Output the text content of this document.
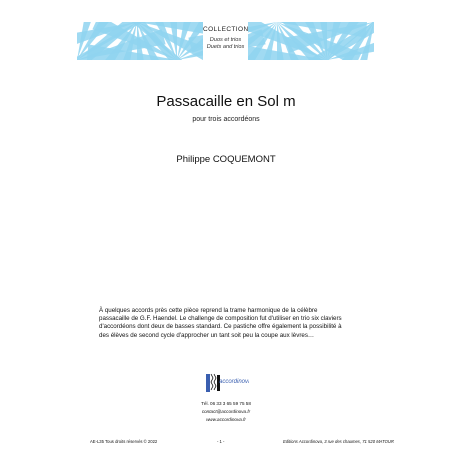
COLLECTION
Duos et trios
Duets and trios
Passacaille en Sol m
pour trois accordéons
Philippe COQUEMONT
À quelques accords près cette pièce reprend la trame harmonique de la célèbre
passacaille de G.F. Haendel. Le challenge de composition fut d'utiliser en trio six claviers
d'accordéons dont deux de basses standard. Ce pastiche offre également la possibilité à
des élèves de second cycle d'approcher un tant soit peu la coupe aux lèvres…
accordinova
Tél. 06 33 3 65 59 75 58
contact@accordinova.fr
www.accordinova.fr
AE-L35 Tous droits réservés © 2022	- 1 -	Editions Accordinova, 3 rue des chaumes, 71 520 MATOUR
